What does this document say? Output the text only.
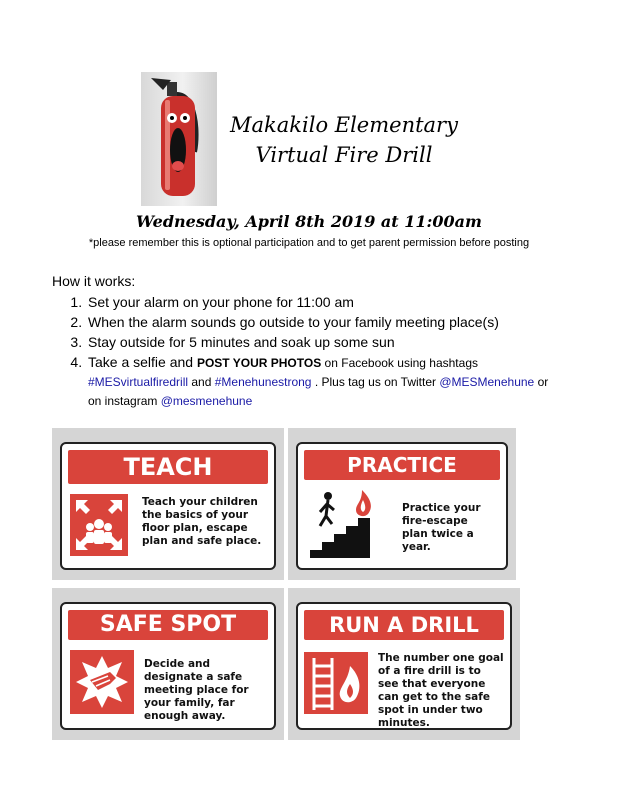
Makakilo Elementary
Virtual Fire Drill
Wednesday, April 8th 2019 at 11:00am
*please remember this is optional participation and to get parent permission before posting
How it works:
1. Set your alarm on your phone for 11:00 am
2. When the alarm sounds go outside to your family meeting place(s)
3. Stay outside for 5 minutes and soak up some sun
4. Take a selfie and POST YOUR PHOTOS on Facebook using hashtags
#MESvirtualfiredrill and #Menehunestrong . Plus tag us on Twitter @MESMenehune or
on instagram @mesmenehune
TEACH
Teach your children the basics of your floor plan, escape plan and safe place.
PRACTICE
Practice your fire-escape plan twice a year.
SAFE SPOT
Decide and designate a safe meeting place for your family, far enough away.
RUN A DRILL
The number one goal of a fire drill is to see that everyone can get to the safe spot in under two minutes.
